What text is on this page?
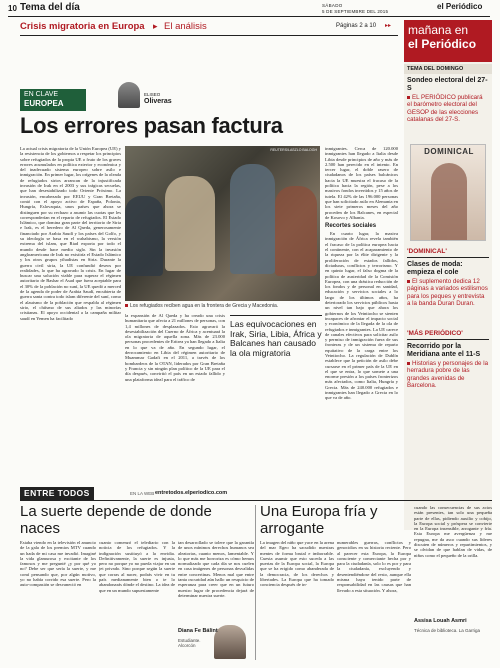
10 Tema del día	SÁBADO
5 DE SEPTIEMBRE DEL 2015
el Periódico
Crisis migratoria en Europa ▸ El análisis	Páginas 2 a 10 ▸▸
EN CLAVE
EUROPEA
ELISEO
Oliveras
Los errores pasan factura

La actual crisis migratoria de la Unión Europea (UE) y la resistencia de los gobiernos a respetar los principios sobre refugiados de la propia UE o fruto de los graves errores acumulados en política exterior y económica y del inadecuado sistema europeo sobre asilo e inmigración. En primer lugar, los orígenes de la oleada de refugiados sirios arrancan de la injustificada invasión de Irak en el 2003 y sus trágicas secuelas, que han desestabilizado todo Oriente Próximo. La invasión, encabezada por EEUU y Gran Bretaña, contó con el apoyo activo de España, Polonia, Hungría, Eslovaquia, unos países que ahora se distinguen por su rechazo a asumir las cuotas que les corresponderían en el reparto de refugiados. El Estado Islámico, que domina gran parte del territorio de Siria e Irak, es el heredero de Al Qaeda, generosamente financiado por Arabia Saudí y los países del Golfo, y su ideología se basa en el wahabismo, la versión extrema del islam, que Riad exporta por todo el mundo desde hace medio siglo. Sin la invasión angloamericana de Irak no existiría el Estado Islámico y los otros grupos yihadistas en Siria. Durante la guerra civil siria, la UE confundió deseos por realidades, lo que ha agravado la crisis. En lugar de buscar una solución viable para superar el régimen autoritario de Bashar el Asad que fuera aceptable para el 30% de la población no suní, la UE quedó a merced de la agenda de poder de Arabia Saudí, encubierta de guerra santa contra todo islam diferente del suní, como el alauismo de la población que respalda al régimen sirio, el chiísmo de sus aliados y las minorías cristianas. El apoyo occidental a la campaña militar saudí en Yemen ha facilitado

REUTERS/LASZLO BALOGH
Los refugiados reciben agua en la frontera de Grecia y Macedonia.

la expansión de Al Qaeda y ha creado una crisis humanitaria que afecta a 21 millones de personas, con 1,4 millones de desplazados. Esto agravará la desestabilización del Cuerno de África y acentuará la ola migratoria de aquella zona. Más de 23.000 personas procedentes de Eritrea ya han llegado a Italia en lo que va de año. En segundo lugar, el derrocamiento en Libia del régimen autoritario de Muammar Gadafi en el 2011, a través de los bombardeos de la OTAN, liderados por Gran Bretaña y Francia y sin ningún plan político de la UE para el día después, convirtió el país en un estado fallido y una plataforma ideal para el tráfico de

Las equivocaciones en Irak, Siria, Libia, África y Balcanes han causado la ola migratoria

inmigrantes. Cerca de 120.000 inmigrantes han llegado a Italia desde Libia desde principios de año y más de 2.500 han perecido en el intento. En tercer lugar, el doble rasero de ciudadanos de los países balcánicos hacia la UE muestra el fracaso de la política hacia la región, pese a los masivos fondos invertidos y 15 años de tutela. El 42% de las 196.000 personas que han solicitado asilo en Alemania en los siete primeros meses del año proceden de los Balcanes, en especial de Kosovo y Albania.

Recortes sociales

En cuarto lugar, la masiva inmigración de África revela también el fracaso de la política europea hacia el continente, con el acaparamiento de la riqueza por la élite dirigente y la proliferación de estados fallidos, dictaduras, conflictos y terrorismo. Y en quinto lugar, el falso dogma de la política de austeridad de la Comisión Europea, con una drástica reducción de los fondos y de personal en sanidad, educación y servicios sociales a lo largo de los últimos años, ha deteriorado los servicios públicos hasta un nivel tan bajo que ahora los gobiernos de los Veintiocho se sienten incapaces de afrontar el impacto social y económico de la llegada de la ola de refugiados e inmigrantes. La UE carece de canales efectivos para solicitar asilo y permiso de inmigración fuera de sus fronteras y de un sistema de reparto equitativo de la carga entre los Veintiocho. La regulación de Dublín establece que la petición de asilo debe cursarse en el primer país de la UE en el que se entra, lo que somete a una enorme presión a los países fronterizos más afectados, como Italia, Hungría y Grecia. Más de 240.000 refugiados e inmigrantes han llegado a Grecia en lo que va de año.

mañana en
el Periódico
TEMA DEL DOMINGO
Sondeo electoral del 27-S
EL PERIÓDICO publicará el barómetro electoral del GESOP de las elecciones catalanas del 27-S.
DOMINICAL
'DOMINICAL'
Clases de moda: empieza el cole
El suplemento dedica 12 páginas a variados estilismos para los peques y entrevista a la banda Duran Duran.
'MÁS PERIÓDICO'
Recorrido por la Meridiana ante el 11-S
Historias y personajes de la herradura pobre de las grandes avenidas de Barcelona.
ENTRE TODOS	EN LA WEB entretodos.elperiodico.com
La suerte depende de donde naces

Estaba viendo en la televisión el anuncio de la gala de los premios MTV cuando un hada de mi casa me invadió. Imaginé la vida glamurosa y excitante de los famosos y me pregunté ¿y por qué yo no? Debe ser que sería la suerte, y me comí pensando que, por algún motivo, yo no había corrido esa suerte. Pero la auto-compasión se desvaneció en

cuanto comenzó el telediario con la noticia de los refugiados. Y la indignación sustituyó a la envidia. Definitivamente, la suerte es injusta, pero no porque yo no pueda viajar en un jet privado. Sino porque según la suerte que corras al nacer, podrás vivir en tu país medianamente bien o te lo abandonarás dónde el destino. La idea de que en un mundo supuestamente

tan desarrollado se tolere que la garantía de unos mínimos derechos humanos sea aleatorias, cuanto menos, lamentable. Y lo que más me horroriza es cómo hemos normalizado que cada día se nos cuelen en casa imágenes de personas desvalidas entre concertinas. Menos mal que entre tanta oscuridad aún hallo un resquicio de esperanza para creer que en un futuro nuestro lugar de procedencia dejará de determinar nuestra suerte.

Diana Fe Bálint
Estudiante. Alcorcón
Una Europa fría y arrogante

La imagen del niño que yace en la arena del mar Egeo ha sacudido nuestras mentes de forma brutal e imborrable. Cuesta asumir que esto suceda a las puertas de la Europa social, la Europa que se ha erigido como abanderada de la democracia, de los derechos y libertades. La Europa que ha tomado conciencia después de in-

numerables guerras, conflictos y genocidios en su historia reciente. Pero al parecer esta Europa, la Europa consciente y comerciante hecha por y para la ciudadanía, solo lo es por y para la ciudadanía, excluyendo y desentendiéndose del resto, aunque ella misma haya tenido parte de responsabilidad en las causas que han llevado a esta situación. Y ahora,

cuando las consecuencias de sus actos están presentes, tan solo una pequeña parte de ellas, pidiendo auxilio y cobijo, la Europa social y próspera se convierte en la Europa insensible, arrogante y fría. Esta Europa me avergüenza y me repugna, me da asco cuando sus líderes discuten de números y repartimientos, y se olvidan de que hablan de vidas, de niños como el pequeño de la orilla.

Assisa Louah Asmri
Técnica de biblioteca. La Garriga
